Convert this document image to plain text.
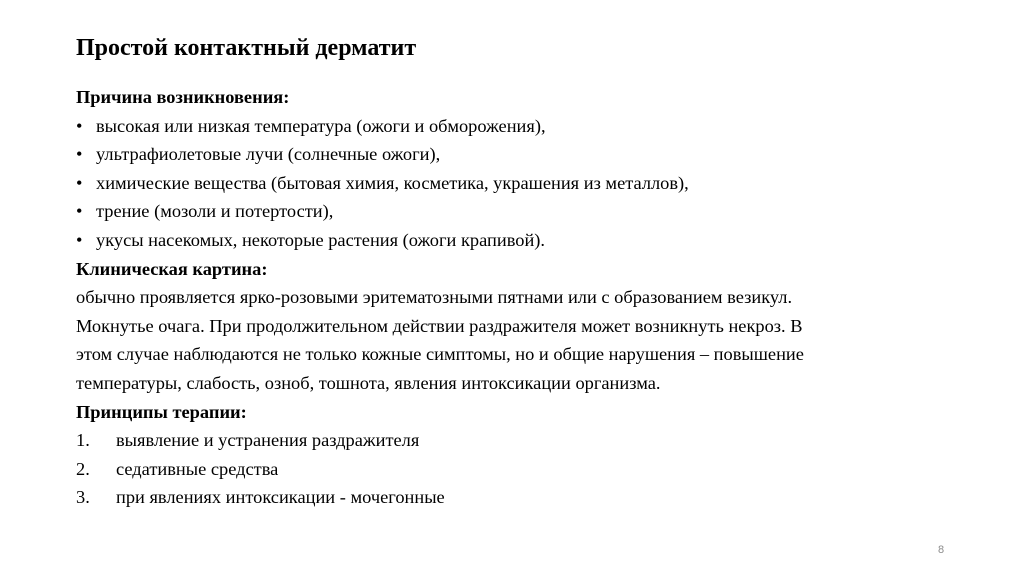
Простой контактный дерматит
Причина возникновения:
• высокая или низкая температура (ожоги и обморожения),
• ультрафиолетовые лучи (солнечные ожоги),
• химические вещества (бытовая химия, косметика, украшения из металлов),
• трение (мозоли и потертости),
• укусы насекомых, некоторые растения (ожоги крапивой).
Клиническая картина:
обычно проявляется ярко-розовыми эритематозными пятнами или с образованием везикул.
Мокнутье очага. При продолжительном действии раздражителя может возникнуть некроз. В
этом случае наблюдаются не только кожные симптомы, но и общие нарушения – повышение
температуры, слабость, озноб, тошнота, явления интоксикации организма.
Принципы терапии:
1.	выявление и устранения раздражителя
2.	седативные средства
3.	при явлениях интоксикации - мочегонные
8
